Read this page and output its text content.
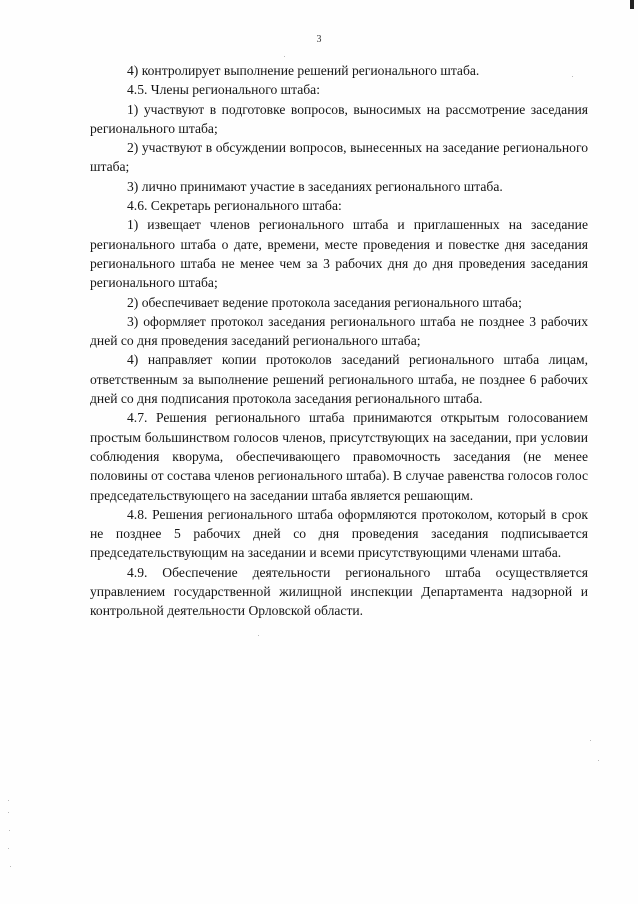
3

4) контролирует выполнение решений регионального штаба.

4.5. Члены регионального штаба:

1) участвуют в подготовке вопросов, выносимых на рассмотрение заседания регионального штаба;

2) участвуют в обсуждении вопросов, вынесенных на заседание регионального штаба;

3) лично принимают участие в заседаниях регионального штаба.

4.6. Секретарь регионального штаба:

1) извещает членов регионального штаба и приглашенных на заседание регионального штаба о дате, времени, месте проведения и повестке дня заседания регионального штаба не менее чем за 3 рабочих дня до дня проведения заседания регионального штаба;

2) обеспечивает ведение протокола заседания регионального штаба;

3) оформляет протокол заседания регионального штаба не позднее 3 рабочих дней со дня проведения заседаний регионального штаба;

4) направляет копии протоколов заседаний регионального штаба лицам, ответственным за выполнение решений регионального штаба, не позднее 6 рабочих дней со дня подписания протокола заседания регионального штаба.

4.7. Решения регионального штаба принимаются открытым голосованием простым большинством голосов членов, присутствующих на заседании, при условии соблюдения кворума, обеспечивающего правомочность заседания (не менее половины от состава членов регионального штаба). В случае равенства голосов голос председательствующего на заседании штаба является решающим.

4.8. Решения регионального штаба оформляются протоколом, который в срок не позднее 5 рабочих дней со дня проведения заседания подписывается председательствующим на заседании и всеми присутствующими членами штаба.

4.9. Обеспечение деятельности регионального штаба осуществляется управлением государственной жилищной инспекции Департамента надзорной и контрольной деятельности Орловской области.
